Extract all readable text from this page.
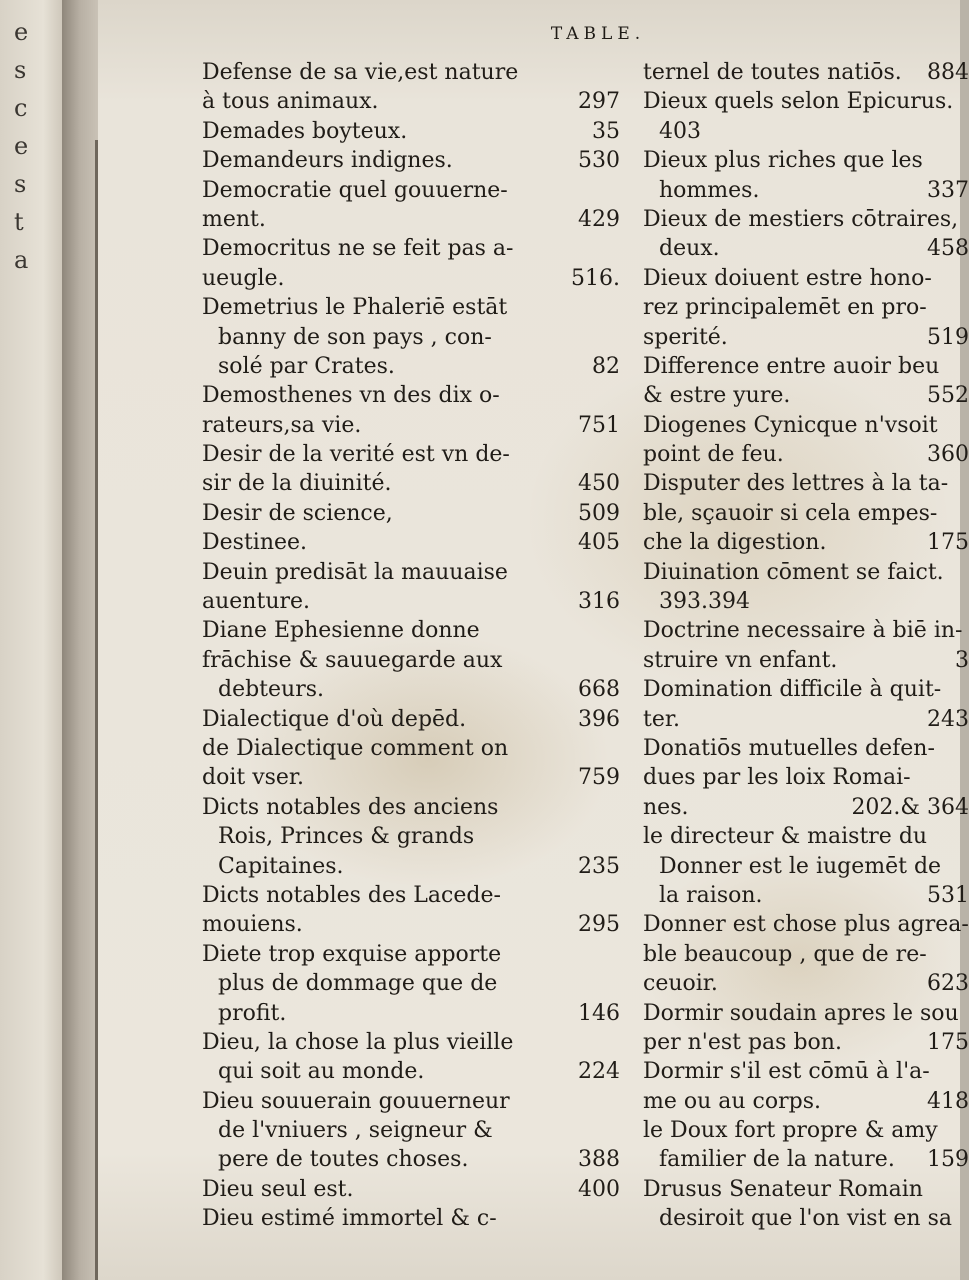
e
s
c
e
s
t
a
TABLE.
Defense de sa vie,est nature
à tous animaux.	297
Demades boyteux.	35
Demandeurs indignes.	530
Democratie quel gouuerne-
ment.	429
Democritus ne se feit pas a-
ueugle.	516.
Demetrius le Phaleriē estāt
banny de son pays , con-
solé par Crates.	82
Demosthenes vn des dix o-
rateurs,sa vie.	751
Desir de la verité est vn de-
sir de la diuinité.	450
Desir de science,	509
Destinee.	405
Deuin predisāt la mauuaise
auenture.	316
Diane Ephesienne donne
frāchise & sauuegarde aux
debteurs.	668
Dialectique d'où depēd.	396
de Dialectique comment on
doit vser.	759
Dicts notables des anciens
Rois, Princes & grands
Capitaines.	235
Dicts notables des Lacede-
mouiens.	295
Diete trop exquise apporte
plus de dommage que de
profit.	146
Dieu, la chose la plus vieille
qui soit au monde.	224
Dieu souuerain gouuerneur
de l'vniuers , seigneur &
pere de toutes choses.	388
Dieu seul est.	400
Dieu estimé immortel & c-
ternel de toutes natiōs. 884
Dieux quels selon Epicurus.
403
Dieux plus riches que les
hommes.	337
Dieux de mestiers cōtraires,
deux.	458
Dieux doiuent estre hono-
rez principalemēt en pro-
sperité.	519
Difference entre auoir beu
& estre yure.	552
Diogenes Cynicque n'vsoit
point de feu.	360
Disputer des lettres à la ta-
ble, sçauoir si cela empes-
che la digestion.	175
Diuination cōment se faict.
393.394
Doctrine necessaire à biē in-
struire vn enfant.	3
Domination difficile à quit-
ter.	243
Donatiōs mutuelles defen-
dues par les loix Romai-
nes.	202.& 364
le directeur & maistre du
Donner est le iugemēt de
la raison.	531
Donner est chose plus agrea-
ble beaucoup , que de re-
ceuoir.	623
Dormir soudain apres le sou
per n'est pas bon.	175
Dormir s'il est cōmū à l'a-
me ou au corps.	418
le Doux fort propre & amy
familier de la nature. 159
Drusus Senateur Romain
desiroit que l'on vist en sa
